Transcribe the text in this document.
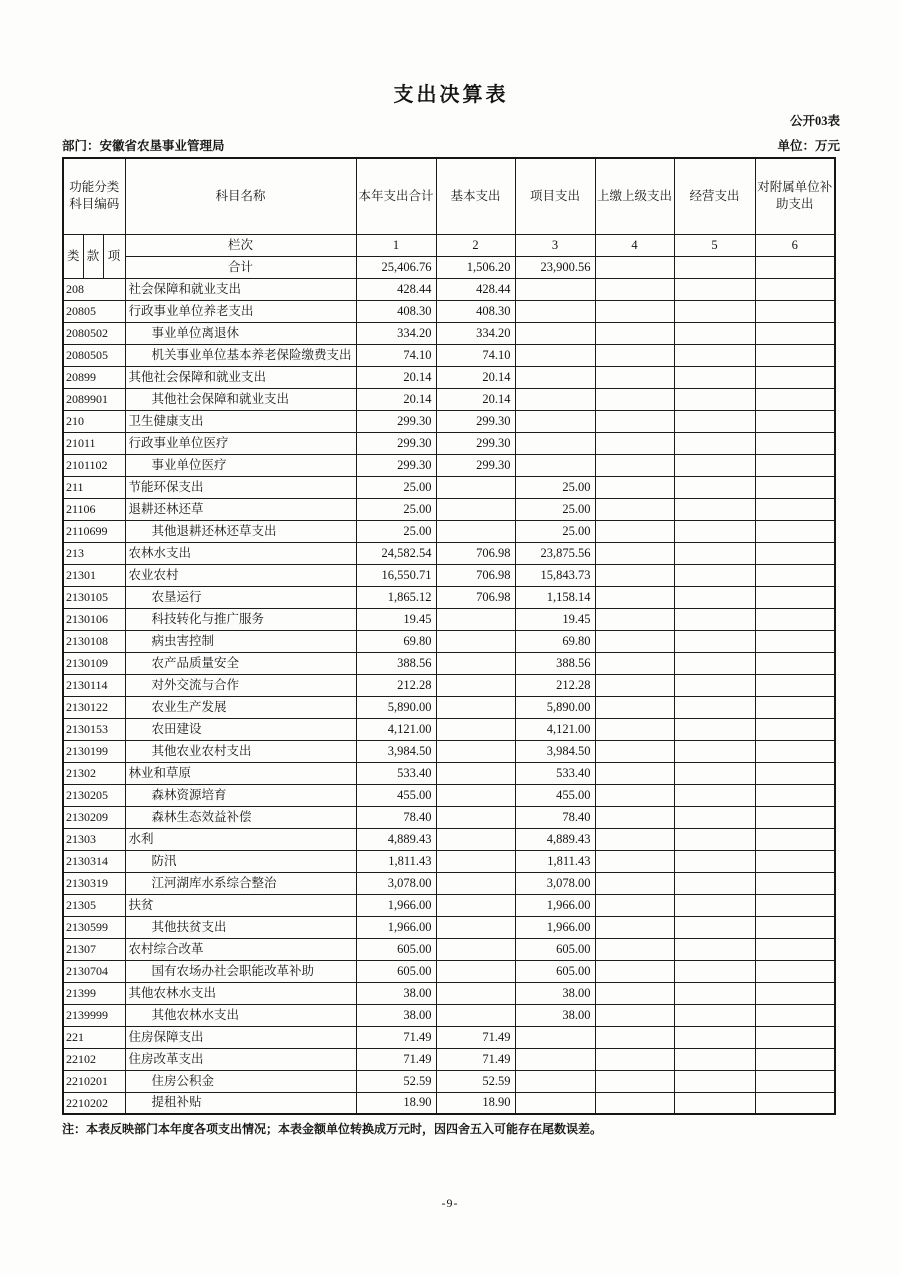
支出决算表
公开03表
部门：安徽省农垦事业管理局	单位：万元
功能分类
科目编码			科目名称	本年支出合计	基本支出	项目支出	上缴上级支出	经营支出	对附属单位补助支出
类	款	项	栏次	1	2	3	4	5	6
			合计	25,406.76	1,506.20	23,900.56			
208			社会保障和就业支出	428.44	428.44				
20805			行政事业单位养老支出	408.30	408.30				
2080502			事业单位离退休	334.20	334.20				
2080505			机关事业单位基本养老保险缴费支出	74.10	74.10				
20899			其他社会保障和就业支出	20.14	20.14				
2089901			其他社会保障和就业支出	20.14	20.14				
210			卫生健康支出	299.30	299.30				
21011			行政事业单位医疗	299.30	299.30				
2101102			事业单位医疗	299.30	299.30				
211			节能环保支出	25.00		25.00			
21106			退耕还林还草	25.00		25.00			
2110699			其他退耕还林还草支出	25.00		25.00			
213			农林水支出	24,582.54	706.98	23,875.56			
21301			农业农村	16,550.71	706.98	15,843.73			
2130105			农垦运行	1,865.12	706.98	1,158.14			
2130106			科技转化与推广服务	19.45		19.45			
2130108			病虫害控制	69.80		69.80			
2130109			农产品质量安全	388.56		388.56			
2130114			对外交流与合作	212.28		212.28			
2130122			农业生产发展	5,890.00		5,890.00			
2130153			农田建设	4,121.00		4,121.00			
2130199			其他农业农村支出	3,984.50		3,984.50			
21302			林业和草原	533.40		533.40			
2130205			森林资源培育	455.00		455.00			
2130209			森林生态效益补偿	78.40		78.40			
21303			水利	4,889.43		4,889.43			
2130314			防汛	1,811.43		1,811.43			
2130319			江河湖库水系综合整治	3,078.00		3,078.00			
21305			扶贫	1,966.00		1,966.00			
2130599			其他扶贫支出	1,966.00		1,966.00			
21307			农村综合改革	605.00		605.00			
2130704			国有农场办社会职能改革补助	605.00		605.00			
21399			其他农林水支出	38.00		38.00			
2139999			其他农林水支出	38.00		38.00			
221			住房保障支出	71.49	71.49				
22102			住房改革支出	71.49	71.49				
2210201			住房公积金	52.59	52.59				
2210202			提租补贴	18.90	18.90				
注：本表反映部门本年度各项支出情况；本表金额单位转换成万元时，因四舍五入可能存在尾数误差。
-9-
